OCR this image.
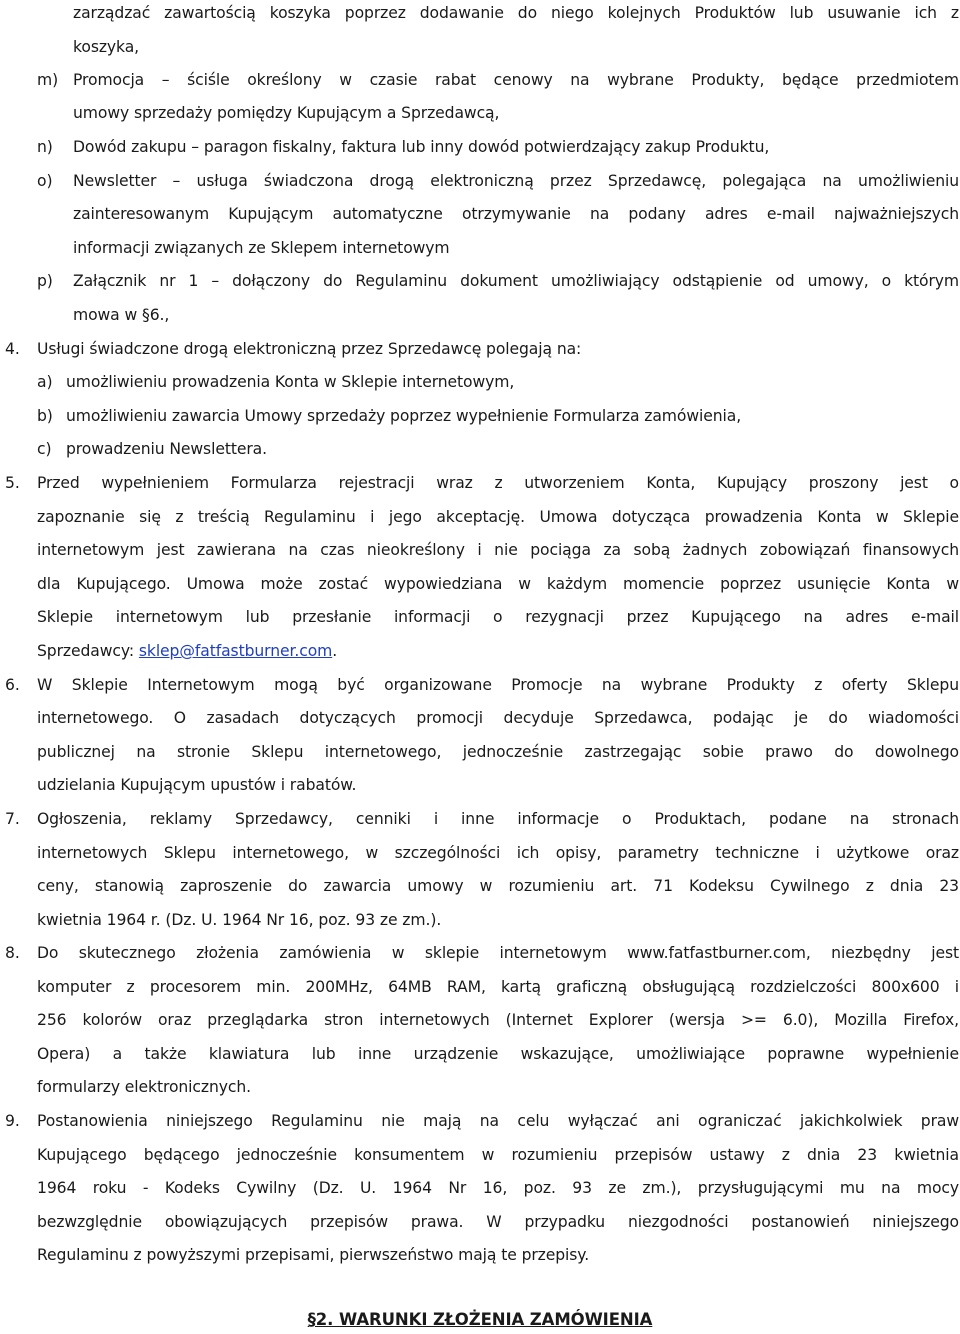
zarządzać zawartością koszyka poprzez dodawanie do niego kolejnych Produktów lub usuwanie ich z
koszyka,
m) Promocja – ściśle określony w czasie rabat cenowy na wybrane Produkty, będące przedmiotem
umowy sprzedaży pomiędzy Kupującym a Sprzedawcą,
n) Dowód zakupu – paragon fiskalny, faktura lub inny dowód potwierdzający zakup Produktu,
o) Newsletter – usługa świadczona drogą elektroniczną przez Sprzedawcę, polegająca na umożliwieniu
zainteresowanym Kupującym automatyczne otrzymywanie na podany adres e-mail najważniejszych
informacji związanych ze Sklepem internetowym
p) Załącznik nr 1 – dołączony do Regulaminu dokument umożliwiający odstąpienie od umowy, o którym
mowa w §6.,
4. Usługi świadczone drogą elektroniczną przez Sprzedawcę polegają na:
a) umożliwieniu prowadzenia Konta w Sklepie internetowym,
b) umożliwieniu zawarcia Umowy sprzedaży poprzez wypełnienie Formularza zamówienia,
c) prowadzeniu Newslettera.
5. Przed wypełnieniem Formularza rejestracji wraz z utworzeniem Konta, Kupujący proszony jest o
zapoznanie się z treścią Regulaminu i jego akceptację. Umowa dotycząca prowadzenia Konta w Sklepie
internetowym jest zawierana na czas nieokreślony i nie pociąga za sobą żadnych zobowiązań finansowych
dla Kupującego. Umowa może zostać wypowiedziana w każdym momencie poprzez usunięcie Konta w
Sklepie internetowym lub przesłanie informacji o rezygnacji przez Kupującego na adres e-mail
Sprzedawcy: sklep@fatfastburner.com.
6. W Sklepie Internetowym mogą być organizowane Promocje na wybrane Produkty z oferty Sklepu
internetowego. O zasadach dotyczących promocji decyduje Sprzedawca, podając je do wiadomości
publicznej na stronie Sklepu internetowego, jednocześnie zastrzegając sobie prawo do dowolnego
udzielania Kupującym upustów i rabatów.
7. Ogłoszenia, reklamy Sprzedawcy, cenniki i inne informacje o Produktach, podane na stronach
internetowych Sklepu internetowego, w szczególności ich opisy, parametry techniczne i użytkowe oraz
ceny, stanowią zaproszenie do zawarcia umowy w rozumieniu art. 71 Kodeksu Cywilnego z dnia 23
kwietnia 1964 r. (Dz. U. 1964 Nr 16, poz. 93 ze zm.).
8. Do skutecznego złożenia zamówienia w sklepie internetowym www.fatfastburner.com, niezbędny jest
komputer z procesorem min. 200MHz, 64MB RAM, kartą graficzną obsługującą rozdzielczości 800x600 i
256 kolorów oraz przeglądarka stron internetowych (Internet Explorer (wersja >= 6.0), Mozilla Firefox,
Opera) a także klawiatura lub inne urządzenie wskazujące, umożliwiające poprawne wypełnienie
formularzy elektronicznych.
9. Postanowienia niniejszego Regulaminu nie mają na celu wyłączać ani ograniczać jakichkolwiek praw
Kupującego będącego jednocześnie konsumentem w rozumieniu przepisów ustawy z dnia 23 kwietnia
1964 roku - Kodeks Cywilny (Dz. U. 1964 Nr 16, poz. 93 ze zm.), przysługującymi mu na mocy
bezwzględnie obowiązujących przepisów prawa. W przypadku niezgodności postanowień niniejszego
Regulaminu z powyższymi przepisami, pierwszeństwo mają te przepisy.
§2. WARUNKI ZŁOŻENIA ZAMÓWIENIA
